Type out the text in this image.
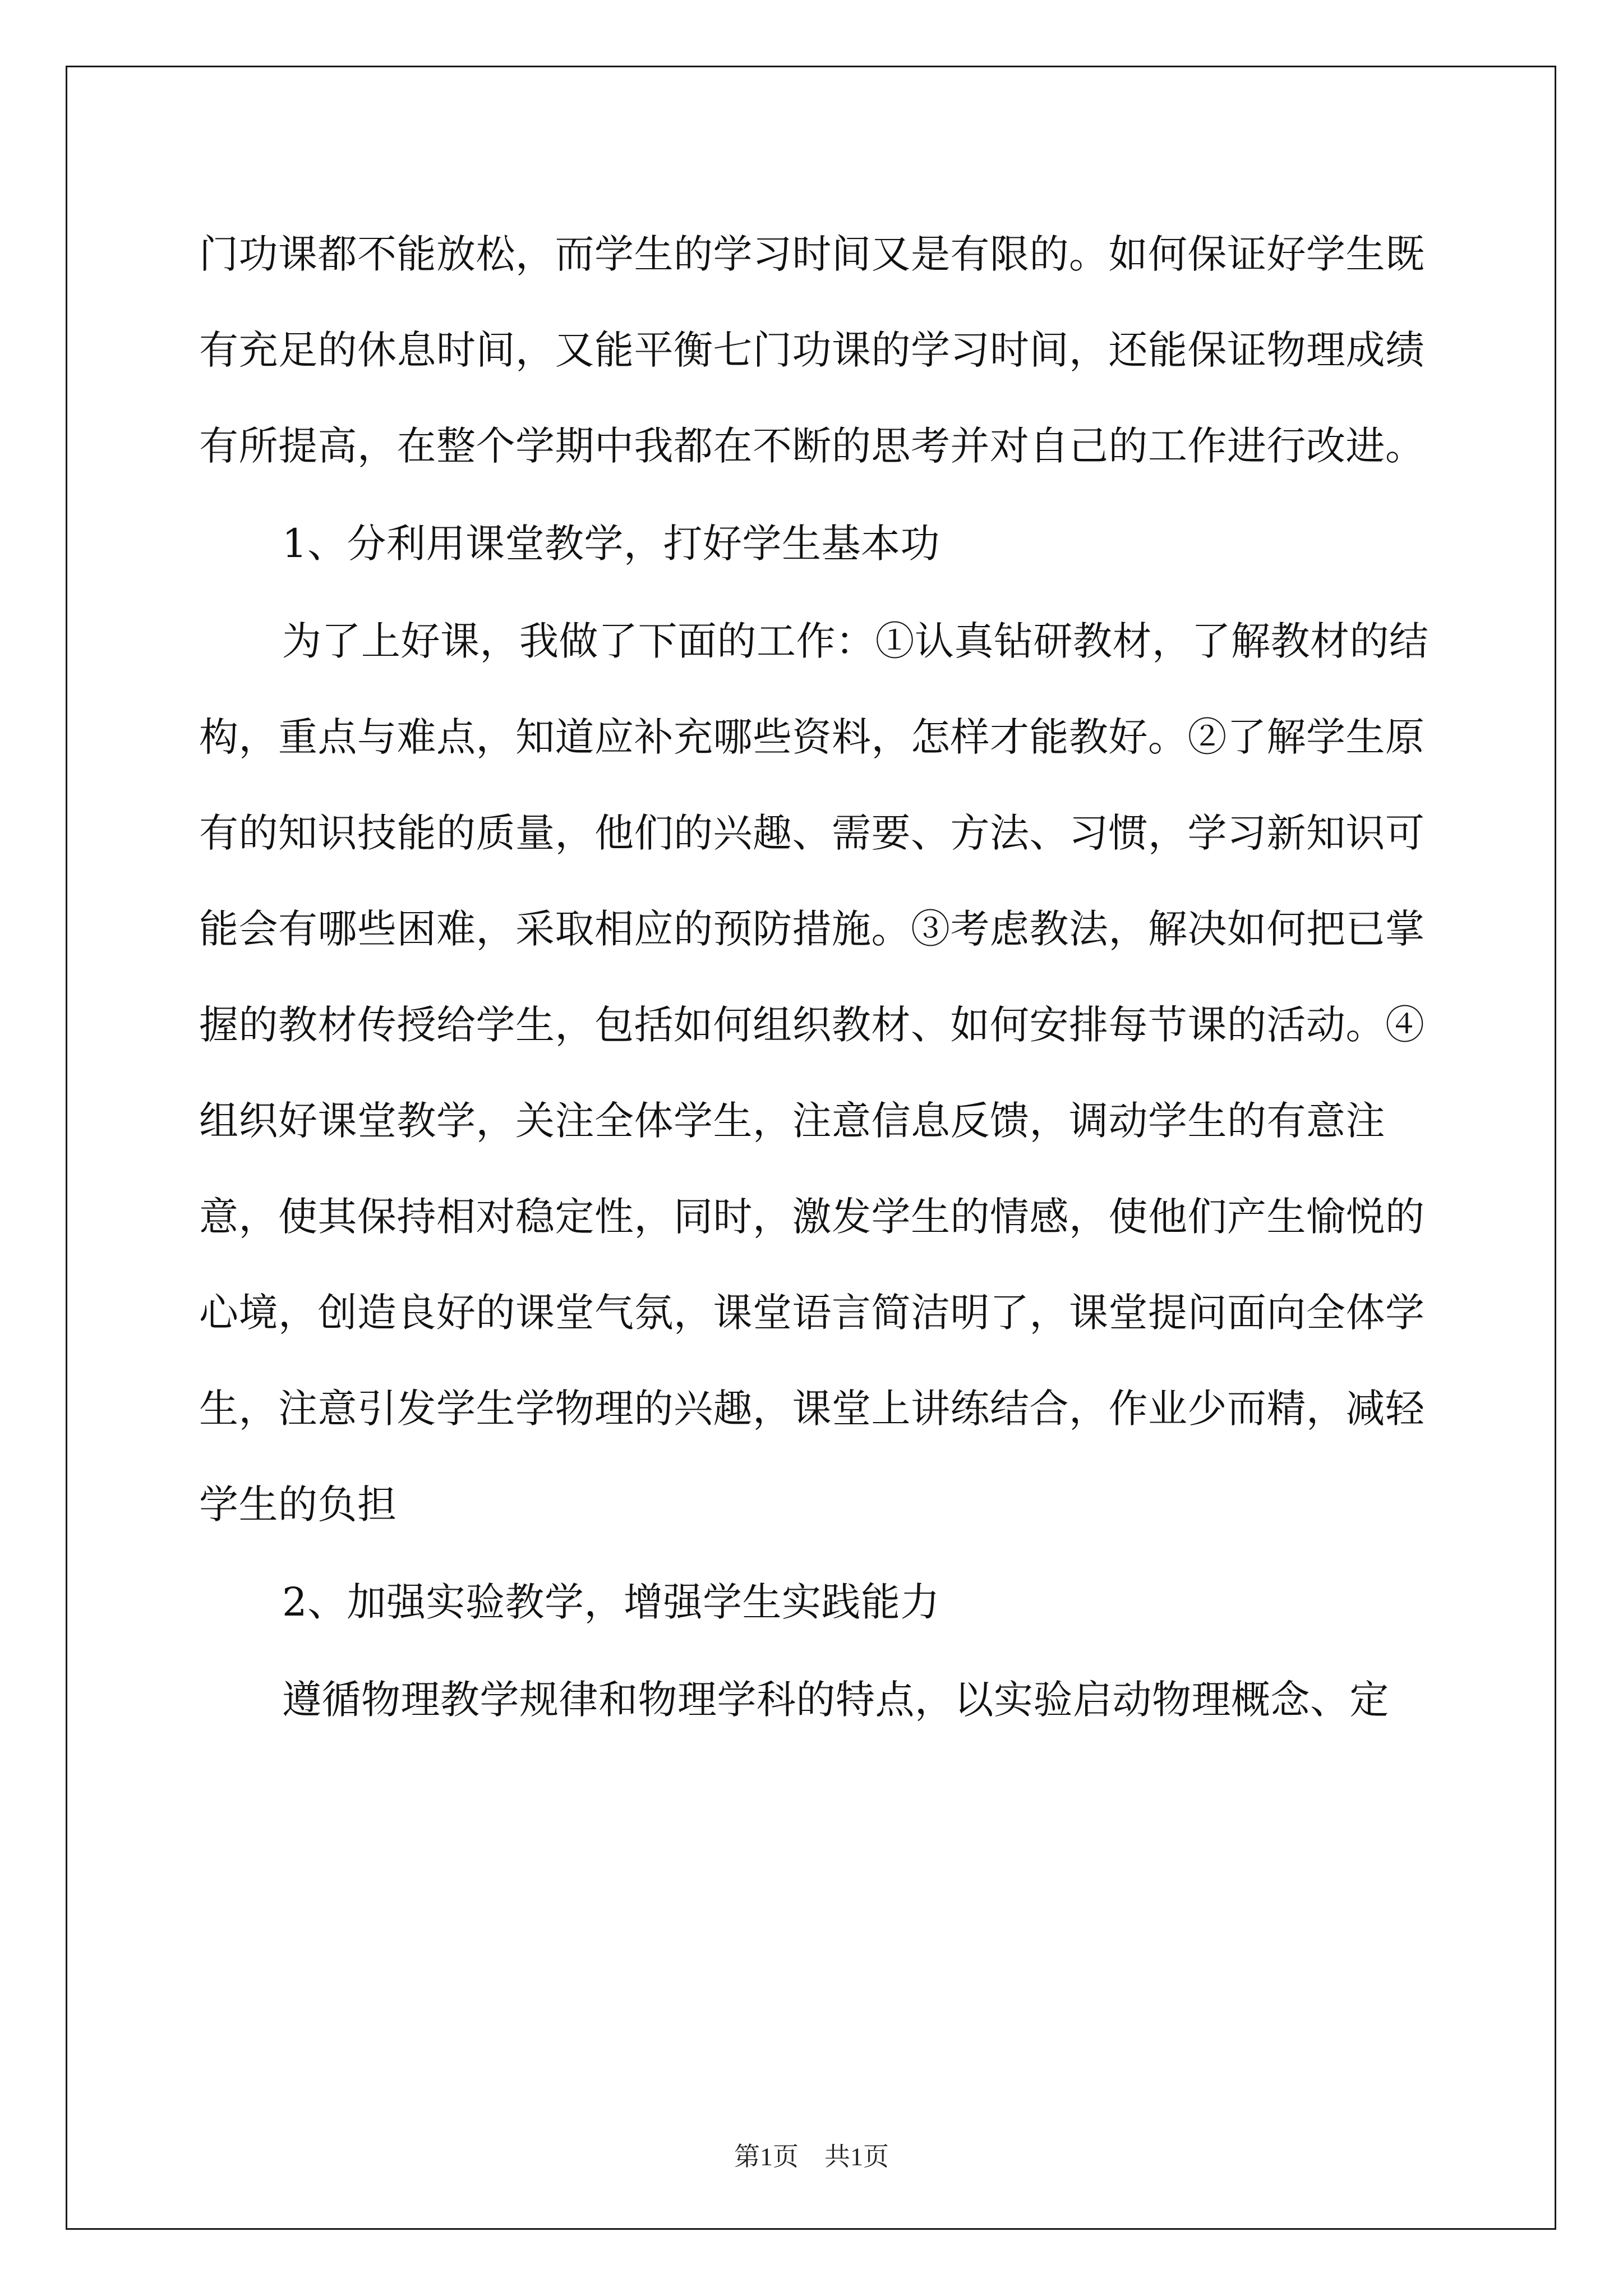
门功课都不能放松，而学生的学习时间又是有限的。如何保证好学生既有充足的休息时间，又能平衡七门功课的学习时间，还能保证物理成绩有所提高，在整个学期中我都在不断的思考并对自己的工作进行改进。

1、分利用课堂教学，打好学生基本功

为了上好课，我做了下面的工作：①认真钻研教材，了解教材的结构，重点与难点，知道应补充哪些资料，怎样才能教好。②了解学生原有的知识技能的质量，他们的兴趣、需要、方法、习惯，学习新知识可能会有哪些困难，采取相应的预防措施。③考虑教法，解决如何把已掌握的教材传授给学生，包括如何组织教材、如何安排每节课的活动。④ 组织好课堂教学，关注全体学生，注意信息反馈，调动学生的有意注意，使其保持相对稳定性，同时，激发学生的情感，使他们产生愉悦的心境，创造良好的课堂气氛，课堂语言简洁明了，课堂提问面向全体学生，注意引发学生学物理的兴趣，课堂上讲练结合，作业少而精，减轻学生的负担

2、加强实验教学，增强学生实践能力

遵循物理教学规律和物理学科的特点，以实验启动物理概念、定

第1页　共1页
